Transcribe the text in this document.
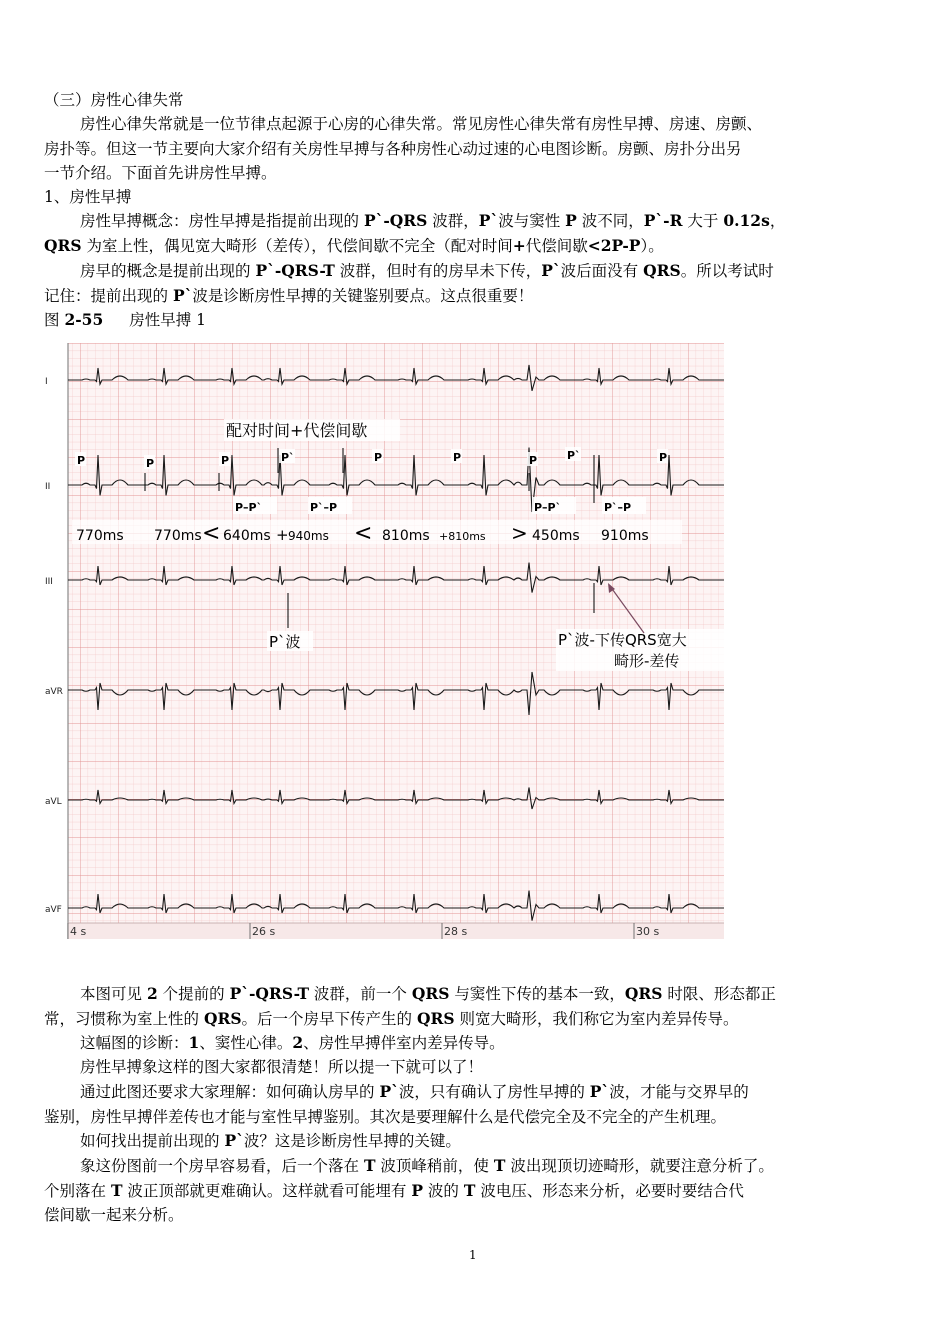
（三）房性心律失常
房性心律失常就是一位节律点起源于心房的心律失常。常见房性心律失常有房性早搏、房速、房颤、
房扑等。但这一节主要向大家介绍有关房性早搏与各种房性心动过速的心电图诊断。房颤、房扑分出另
一节介绍。下面首先讲房性早搏。
1、房性早搏
房性早搏概念：房性早搏是指提前出现的 P`-QRS 波群，P`波与窦性 P 波不同，P`-R 大于 0.12s，
QRS 为室上性，偶见宽大畸形（差传），代偿间歇不完全（配对时间+代偿间歇<2P-P）。
房早的概念是提前出现的 P`-QRS-T 波群，但时有的房早未下传，P`波后面没有 QRS。所以考试时
记住：提前出现的 P`波是诊断房性早搏的关键鉴别要点。这点很重要！
图 2-55 房性早搏 1
I
II
III
aVR
aVL
aVF
4 s	26 s	28 s	30 s
配对时间+代偿间歇
P	P	P	P`	P	P	P	P`	P
P–P`	P`–P	P–P`	P`–P
770ms 770ms < 640ms + 940ms < 810ms +810ms > 450ms 910ms
P`波	P`波-下传QRS宽大
畸形-差传
本图可见 2 个提前的 P`-QRS-T 波群，前一个 QRS 与窦性下传的基本一致，QRS 时限、形态都正
常，习惯称为室上性的 QRS。后一个房早下传产生的 QRS 则宽大畸形，我们称它为室内差异传导。
这幅图的诊断：1、窦性心律。2、房性早搏伴室内差异传导。
房性早搏象这样的图大家都很清楚！所以提一下就可以了！
通过此图还要求大家理解：如何确认房早的 P`波，只有确认了房性早搏的 P`波，才能与交界早的
鉴别，房性早搏伴差传也才能与室性早搏鉴别。其次是要理解什么是代偿完全及不完全的产生机理。
如何找出提前出现的 P`波？这是诊断房性早搏的关键。
象这份图前一个房早容易看，后一个落在 T 波顶峰稍前，使 T 波出现顶切迹畸形，就要注意分析了。
个别落在 T 波正顶部就更难确认。这样就看可能埋有 P 波的 T 波电压、形态来分析，必要时要结合代
偿间歇一起来分析。
1
